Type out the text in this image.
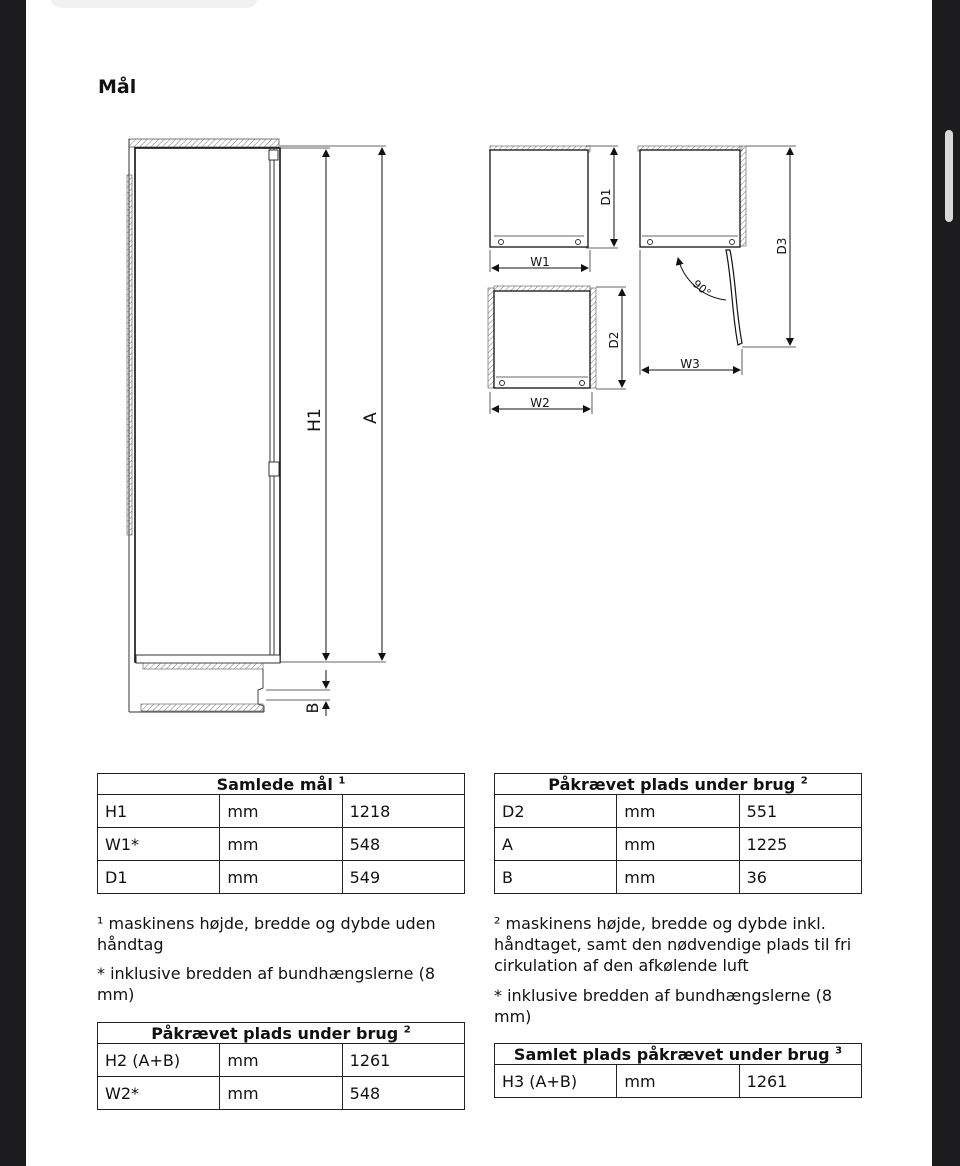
Mål
H1 A
B
W1
D1
W2
D2
90°
W3
D3
Samlede mål $^1$
H1	mm	1218
W1*	mm	548
D1	mm	549
Påkrævet plads under brug $^2$
D2	mm	551
A	mm	1225
B	mm	36

¹ maskinens højde, bredde og dybde uden håndtag

* inklusive bredden af bundhængslerne (8 mm)

² maskinens højde, bredde og dybde inkl. håndtaget, samt den nødvendige plads til fri cirkulation af den afkølende luft

* inklusive bredden af bundhængslerne (8 mm)

Påkrævet plads under brug $^2$
H2 (A+B)	mm	1261
W2*	mm	548
Samlet plads påkrævet under brug $^3$
H3 (A+B)	mm	1261
